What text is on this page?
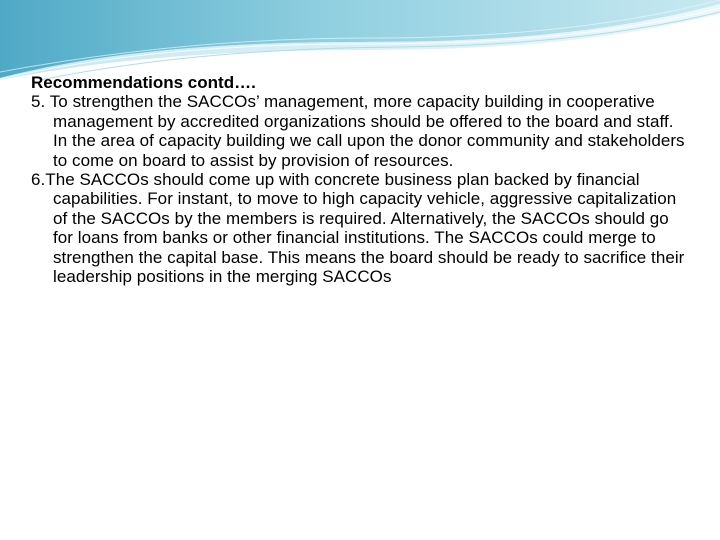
Recommendations contd….

5. To strengthen the SACCOs’ management, more capacity building in cooperative management by accredited organizations should be offered to the board and staff. In the area of capacity building we call upon the donor community and stakeholders to come on board to assist by provision of resources.

6.The SACCOs should come up with concrete business plan backed by financial capabilities. For instant, to move to high capacity vehicle, aggressive capitalization of the SACCOs by the members is required. Alternatively, the SACCOs should go for loans from banks or other financial institutions. The SACCOs could merge to strengthen the capital base. This means the board should be ready to sacrifice their leadership positions in the merging SACCOs
